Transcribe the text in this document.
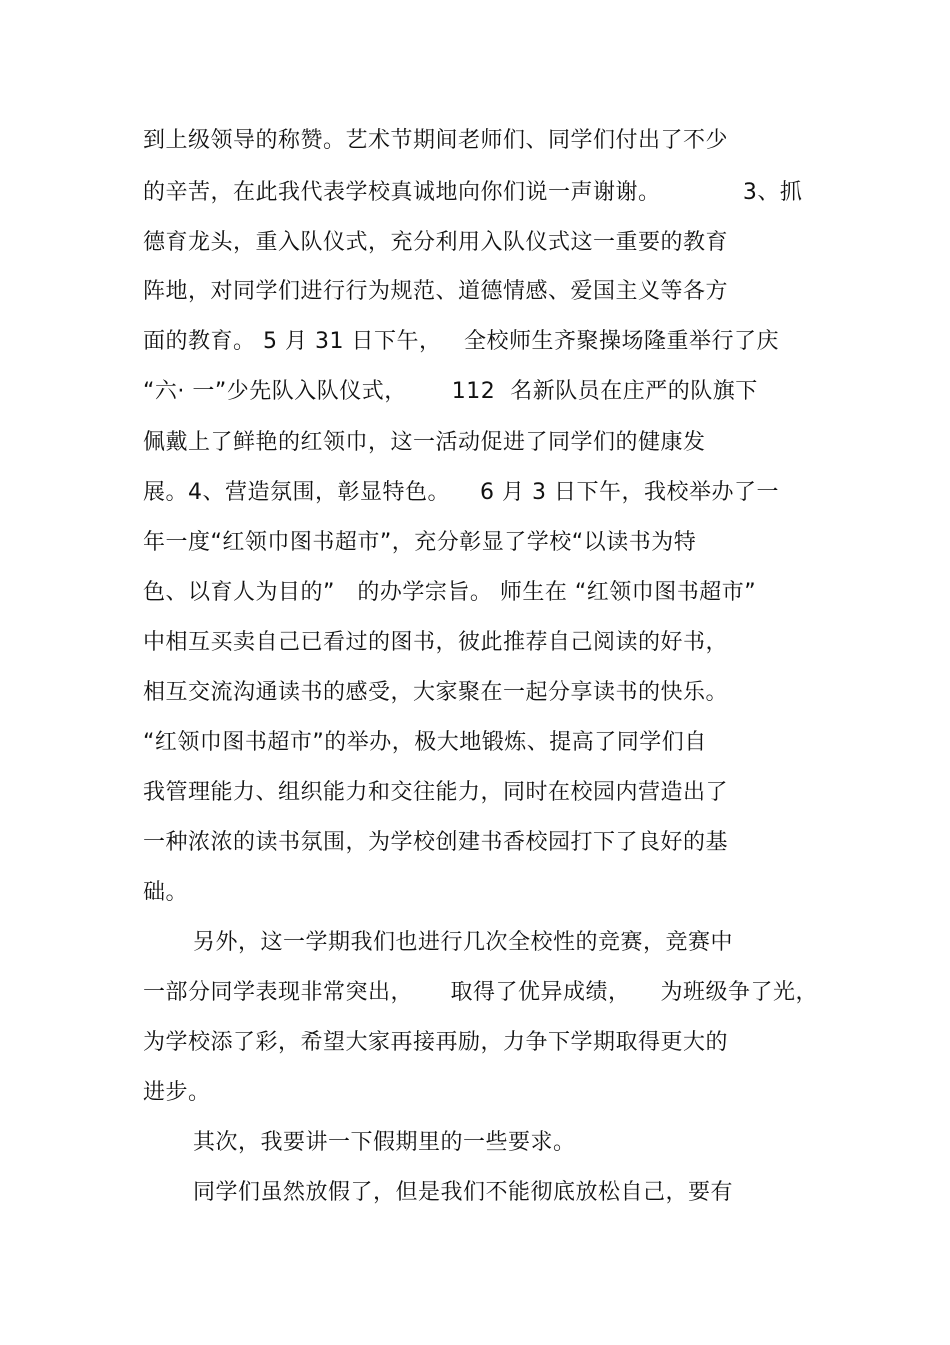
到上级领导的称赞。艺术节期间老师们、同学们付出了不少
的辛苦，在此我代表学校真诚地向你们说一声谢谢。           3、抓
德育龙头，重入队仪式，充分利用入队仪式这一重要的教育
阵地，对同学们进行行为规范、道德情感、爱国主义等各方
面的教育。 5 月 31 日下午，   全校师生齐聚操场隆重举行了庆
“六· 一”少先队入队仪式，      112  名新队员在庄严的队旗下
佩戴上了鲜艳的红领巾，这一活动促进了同学们的健康发
展。4、营造氛围，彰显特色。    6 月 3 日下午，我校举办了一
年一度“红领巾图书超市”，充分彰显了学校“以读书为特
色、以育人为目的”   的办学宗旨。 师生在 “红领巾图书超市”
中相互买卖自己已看过的图书，彼此推荐自己阅读的好书，
相互交流沟通读书的感受，大家聚在一起分享读书的快乐。
“红领巾图书超市”的举办，极大地锻炼、提高了同学们自
我管理能力、组织能力和交往能力，同时在校园内营造出了
一种浓浓的读书氛围，为学校创建书香校园打下了良好的基
础。
另外，这一学期我们也进行几次全校性的竞赛，竞赛中
一部分同学表现非常突出，     取得了优异成绩，    为班级争了光，
为学校添了彩，希望大家再接再励，力争下学期取得更大的
进步。
其次，我要讲一下假期里的一些要求。
同学们虽然放假了，但是我们不能彻底放松自己，要有
